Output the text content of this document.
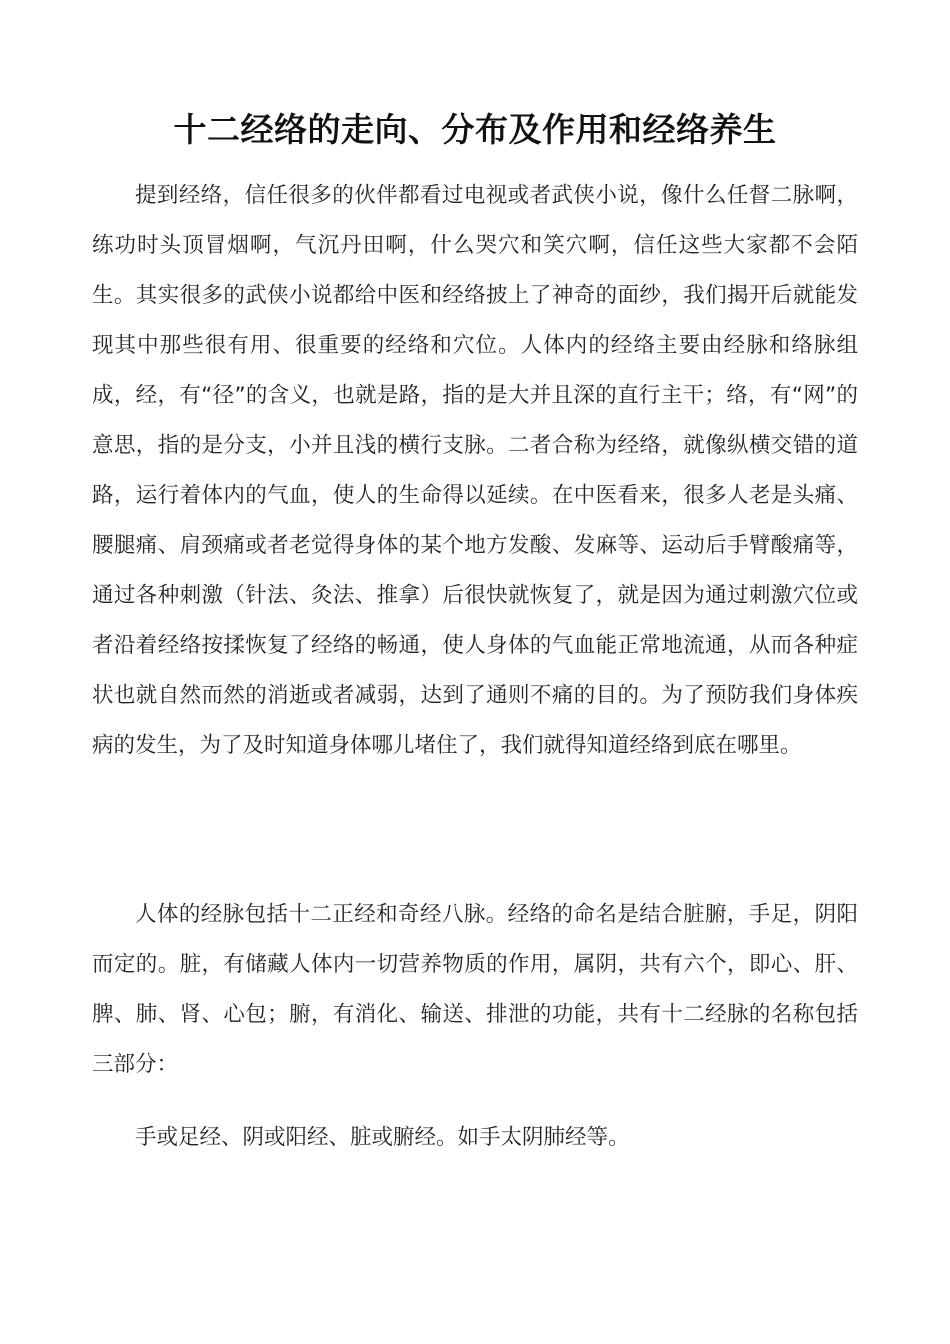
十二经络的走向、分布及作用和经络养生

提到经络，信任很多的伙伴都看过电视或者武侠小说，像什么任督二脉啊，练功时头顶冒烟啊，气沉丹田啊，什么哭穴和笑穴啊，信任这些大家都不会陌生。其实很多的武侠小说都给中医和经络披上了神奇的面纱，我们揭开后就能发现其中那些很有用、很重要的经络和穴位。人体内的经络主要由经脉和络脉组成，经，有“径”的含义，也就是路，指的是大并且深的直行主干；络，有“网”的意思，指的是分支，小并且浅的横行支脉。二者合称为经络，就像纵横交错的道路，运行着体内的气血，使人的生命得以延续。在中医看来，很多人老是头痛、腰腿痛、肩颈痛或者老觉得身体的某个地方发酸、发麻等、运动后手臂酸痛等，通过各种刺激（针法、灸法、推拿）后很快就恢复了，就是因为通过刺激穴位或者沿着经络按揉恢复了经络的畅通，使人身体的气血能正常地流通，从而各种症状也就自然而然的消逝或者减弱，达到了通则不痛的目的。为了预防我们身体疾病的发生，为了及时知道身体哪儿堵住了，我们就得知道经络到底在哪里。

人体的经脉包括十二正经和奇经八脉。经络的命名是结合脏腑，手足，阴阳而定的。脏，有储藏人体内一切营养物质的作用，属阴，共有六个，即心、肝、脾、肺、肾、心包；腑，有消化、输送、排泄的功能，共有十二经脉的名称包括三部分：

手或足经、阴或阳经、脏或腑经。如手太阴肺经等。
